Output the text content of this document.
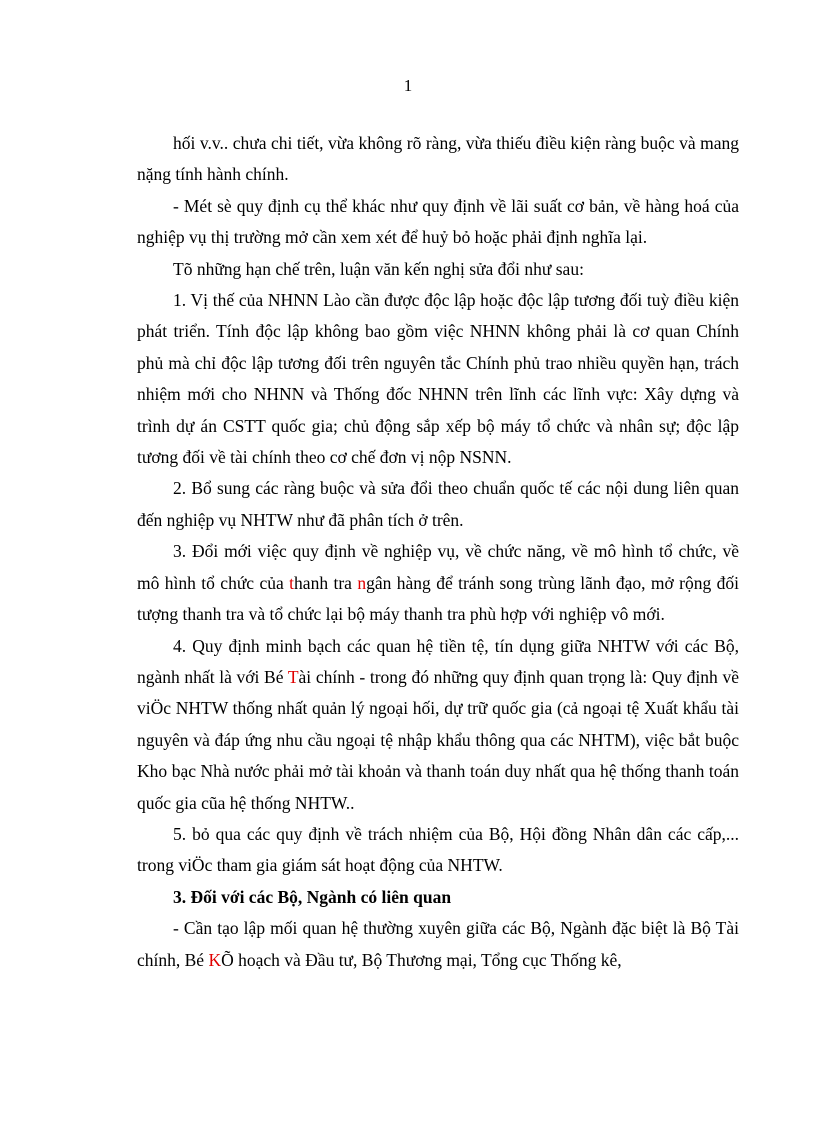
1

hối v.v.. chưa chi tiết, vừa không rõ ràng, vừa thiếu điều kiện ràng buộc và mang nặng tính hành chính.

- Mét sè quy định cụ thể khác như quy định về lãi suất cơ bản, về hàng hoá của nghiệp vụ thị trường mở cần xem xét để huỷ bỏ hoặc phải định nghĩa lại.

Tõ những hạn chế trên, luận văn kến nghị sửa đổi như sau:

1. Vị thế của NHNN Lào cần được độc lập hoặc độc lập tương đối tuỳ điều kiện phát triển. Tính độc lập không bao gồm việc NHNN không phải là cơ quan Chính phủ mà chỉ độc lập tương đối trên nguyên tắc Chính phủ trao nhiều quyền hạn, trách nhiệm mới cho NHNN và Thống đốc NHNN trên lĩnh các lĩnh vực: Xây dựng và trình dự án CSTT quốc gia; chủ động sắp xếp bộ máy tổ chức và nhân sự; độc lập tương đối về tài chính theo cơ chế đơn vị nộp NSNN.

2. Bổ sung các ràng buộc và sửa đổi theo chuẩn quốc tế các nội dung liên quan đến nghiệp vụ NHTW như đã phân tích ở trên.

3. Đổi mới việc quy định về nghiệp vụ, về chức năng, về mô hình tổ chức, về mô hình tổ chức của thanh tra ngân hàng để tránh song trùng lãnh đạo, mở rộng đối tượng thanh tra và tổ chức lại bộ máy thanh tra phù hợp với nghiệp vô mới.

4. Quy định minh bạch các quan hệ tiền tệ, tín dụng giữa NHTW với các Bộ, ngành nhất là với Bé Tài chính - trong đó những quy định quan trọng là: Quy định về viÖc NHTW thống nhất quản lý ngoại hối, dự trữ quốc gia (cả ngoại tệ Xuất khẩu tài nguyên và đáp ứng nhu cầu ngoại tệ nhập khẩu thông qua các NHTM), việc bắt buộc Kho bạc Nhà nước phải mở tài khoản và thanh toán duy nhất qua hệ thống thanh toán quốc gia cũa hệ thống NHTW..

5. bỏ qua các quy định về trách nhiệm của Bộ, Hội đồng Nhân dân các cấp,... trong viÖc tham gia giám sát hoạt động của NHTW.

3. Đối với các Bộ, Ngành có liên quan

- Cần tạo lập mối quan hệ thường xuyên giữa các Bộ, Ngành đặc biệt là Bộ Tài chính, Bé KÕ hoạch và Đầu tư, Bộ Thương mại, Tổng cục Thống kê,
